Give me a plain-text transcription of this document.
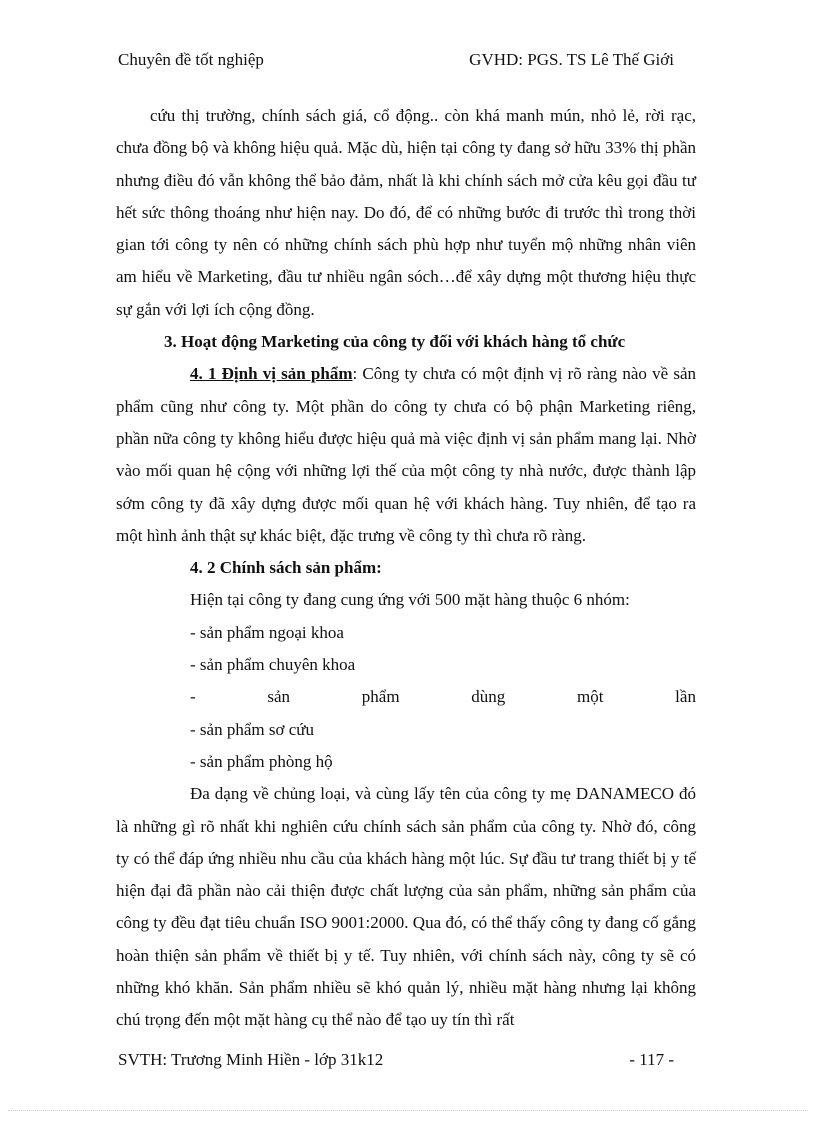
Chuyên đề tốt nghiệp	GVHD: PGS. TS Lê Thế Giới

cứu thị trường, chính sách giá, cổ động.. còn khá manh mún, nhỏ lẻ, rời rạc, chưa đồng bộ và không hiệu quả. Mặc dù, hiện tại công ty đang sở hữu 33% thị phần nhưng điều đó vẫn không thể bảo đảm, nhất là khi chính sách mở cửa kêu gọi đầu tư hết sức thông thoáng như hiện nay. Do đó, để có những bước đi trước thì trong thời gian tới công ty nên có những chính sách phù hợp như tuyển mộ những nhân viên am hiểu về Marketing, đầu tư nhiều ngân sóch…để xây dựng một thương hiệu thực sự gắn với lợi ích cộng đồng.

3. Hoạt động Marketing của công ty đối với khách hàng tổ chức

4. 1 Định vị sản phẩm: Công ty chưa có một định vị rõ ràng nào về sản phẩm cũng như công ty. Một phần do công ty chưa có bộ phận Marketing riêng, phần nữa công ty không hiểu được hiệu quả mà việc định vị sản phẩm mang lại. Nhờ vào mối quan hệ cộng với những lợi thế của một công ty nhà nước, được thành lập sớm công ty đã xây dựng được mối quan hệ với khách hàng. Tuy nhiên, để tạo ra một hình ảnh thật sự khác biệt, đặc trưng về công ty thì chưa rõ ràng.

4. 2 Chính sách sản phẩm:

Hiện tại công ty đang cung ứng với 500 mặt hàng thuộc 6 nhóm:

- sản phẩm ngoại khoa

- sản phẩm chuyên khoa

-	sản	phẩm	dùng	một	lần

- sản phẩm sơ cứu

- sản phẩm phòng hộ

Đa dạng về chủng loại, và cùng lấy tên của công ty mẹ DANAMECO đó là những gì rõ nhất khi nghiên cứu chính sách sản phẩm của công ty. Nhờ đó, công ty có thể đáp ứng nhiều nhu cầu của khách hàng một lúc. Sự đầu tư trang thiết bị y tế hiện đại đã phần nào cải thiện được chất lượng của sản phẩm, những sản phẩm của công ty đều đạt tiêu chuẩn ISO 9001:2000. Qua đó, có thể thấy công ty đang cố gắng hoàn thiện sản phẩm về thiết bị y tế. Tuy nhiên, với chính sách này, công ty sẽ có những khó khăn. Sản phẩm nhiều sẽ khó quản lý, nhiều mặt hàng nhưng lại không chú trọng đến một mặt hàng cụ thể nào để tạo uy tín thì rất

SVTH: Trương Minh Hiền - lớp 31k12	- 117 -
